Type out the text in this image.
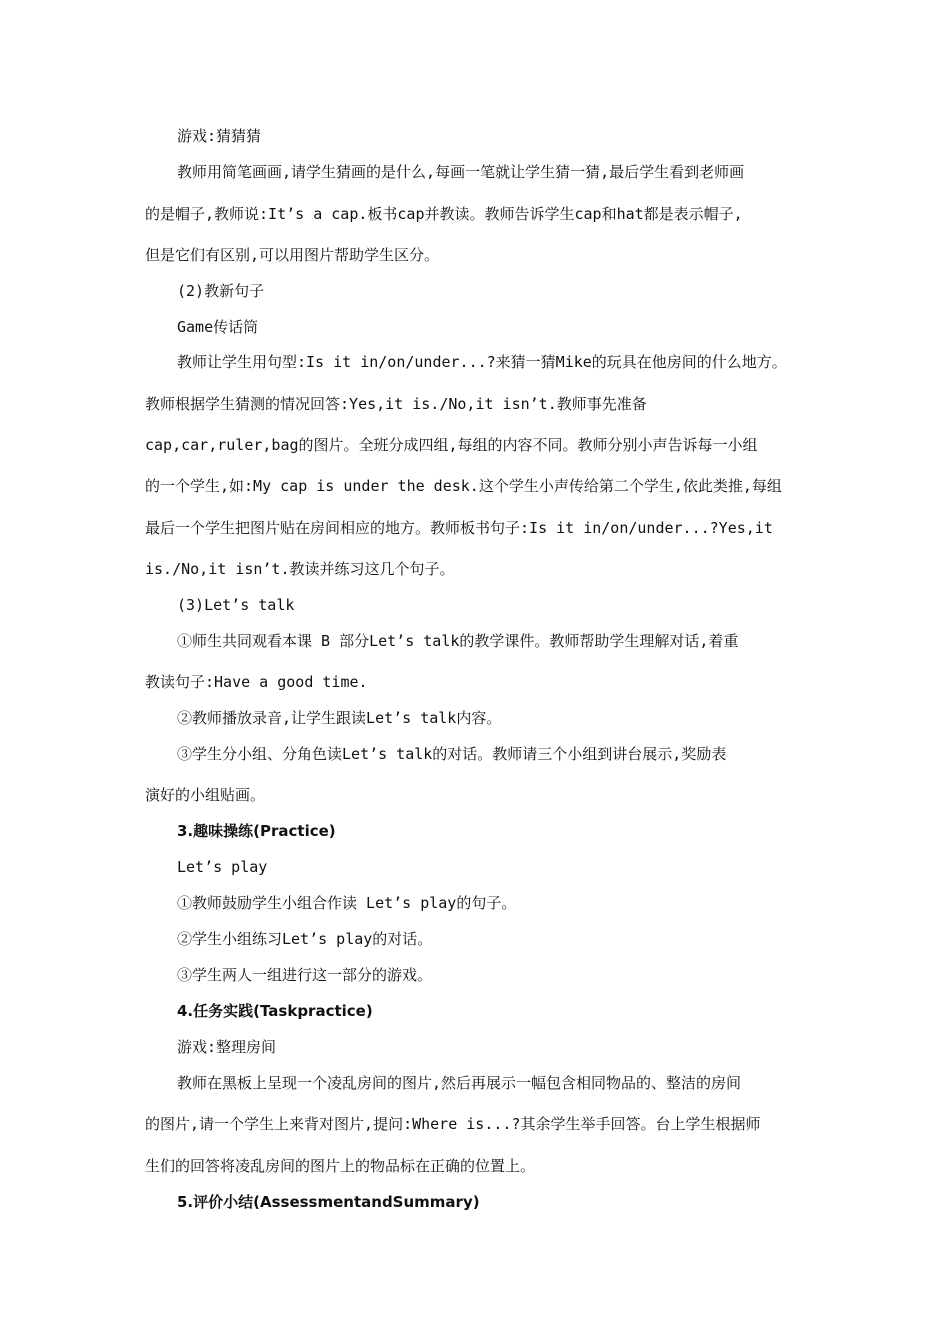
游戏:猜猜猜
教师用简笔画画,请学生猜画的是什么,每画一笔就让学生猜一猜,最后学生看到老师画
的是帽子,教师说:It’s a cap.板书cap并教读。教师告诉学生cap和hat都是表示帽子,
但是它们有区别,可以用图片帮助学生区分。
(2)教新句子
Game传话筒
教师让学生用句型:Is it in/on/under...?来猜一猜Mike的玩具在他房间的什么地方。
教师根据学生猜测的情况回答:Yes,it is./No,it isn’t.教师事先准备
cap,car,ruler,bag的图片。全班分成四组,每组的内容不同。教师分别小声告诉每一小组
的一个学生,如:My cap is under the desk.这个学生小声传给第二个学生,依此类推,每组
最后一个学生把图片贴在房间相应的地方。教师板书句子:Is it in/on/under...?Yes,it
is./No,it isn’t.教读并练习这几个句子。
(3)Let’s talk
①师生共同观看本课 B 部分Let’s talk的教学课件。教师帮助学生理解对话,着重
教读句子:Have a good time.
②教师播放录音,让学生跟读Let’s talk内容。
③学生分小组、分角色读Let’s talk的对话。教师请三个小组到讲台展示,奖励表
演好的小组贴画。
3.趣味操练(Practice)
Let’s play
①教师鼓励学生小组合作读 Let’s play的句子。
②学生小组练习Let’s play的对话。
③学生两人一组进行这一部分的游戏。
4.任务实践(Taskpractice)
游戏:整理房间
教师在黑板上呈现一个凌乱房间的图片,然后再展示一幅包含相同物品的、整洁的房间
的图片,请一个学生上来背对图片,提问:Where is...?其余学生举手回答。台上学生根据师
生们的回答将凌乱房间的图片上的物品标在正确的位置上。
5.评价小结(AssessmentandSummary)
